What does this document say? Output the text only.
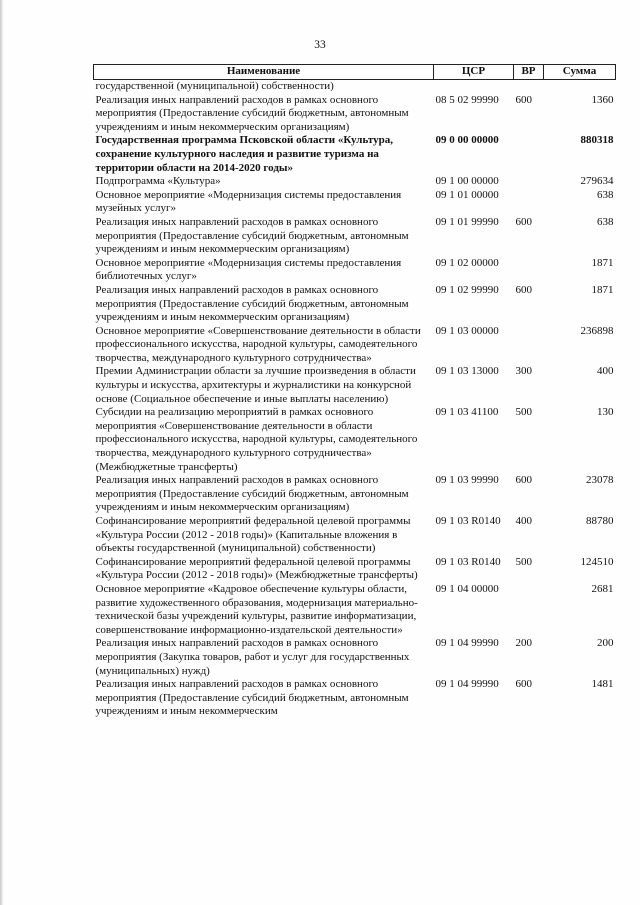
33
Наименование	ЦСР	ВР	Сумма
государственной (муниципальной) собственности)			
Реализация иных направлений расходов в рамках основного мероприятия (Предоставление субсидий бюджетным, автономным учреждениям и иным некоммерческим организациям)	08 5 02 99990	600	1360
Государственная программа Псковской области «Культура, сохранение культурного наследия и развитие туризма на территории области на 2014-2020 годы»	09 0 00 00000		880318
Подпрограмма «Культура»	09 1 00 00000		279634
Основное мероприятие «Модернизация системы предоставления музейных услуг»	09 1 01 00000		638
Реализация иных направлений расходов в рамках основного мероприятия (Предоставление субсидий бюджетным, автономным учреждениям и иным некоммерческим организациям)	09 1 01 99990	600	638
Основное мероприятие «Модернизация системы предоставления библиотечных услуг»	09 1 02 00000		1871
Реализация иных направлений расходов в рамках основного мероприятия (Предоставление субсидий бюджетным, автономным учреждениям и иным некоммерческим организациям)	09 1 02 99990	600	1871
Основное мероприятие «Совершенствование деятельности в области профессионального искусства, народной культуры, самодеятельного творчества, международного культурного сотрудничества»	09 1 03 00000		236898
Премии Администрации области за лучшие произведения в области культуры и искусства, архитектуры и журналистики на конкурсной основе (Социальное обеспечение и иные выплаты населению)	09 1 03 13000	300	400
Субсидии на реализацию мероприятий в рамках основного мероприятия «Совершенствование деятельности в области профессионального искусства, народной культуры, самодеятельного творчества, международного культурного сотрудничества» (Межбюджетные трансферты)	09 1 03 41100	500	130
Реализация иных направлений расходов в рамках основного мероприятия (Предоставление субсидий бюджетным, автономным учреждениям и иным некоммерческим организациям)	09 1 03 99990	600	23078
Софинансирование мероприятий федеральной целевой программы «Культура России (2012 - 2018 годы)» (Капитальные вложения в объекты государственной (муниципальной) собственности)	09 1 03 R0140	400	88780
Софинансирование мероприятий федеральной целевой программы «Культура России (2012 - 2018 годы)» (Межбюджетные трансферты)	09 1 03 R0140	500	124510
Основное мероприятие «Кадровое обеспечение культуры области, развитие художественного образования, модернизация материально-технической базы учреждений культуры, развитие информатизации, совершенствование информационно-издательской деятельности»	09 1 04 00000		2681
Реализация иных направлений расходов в рамках основного мероприятия (Закупка товаров, работ и услуг для государственных (муниципальных) нужд)	09 1 04 99990	200	200
Реализация иных направлений расходов в рамках основного мероприятия (Предоставление субсидий бюджетным, автономным учреждениям и иным некоммерческим	09 1 04 99990	600	1481
